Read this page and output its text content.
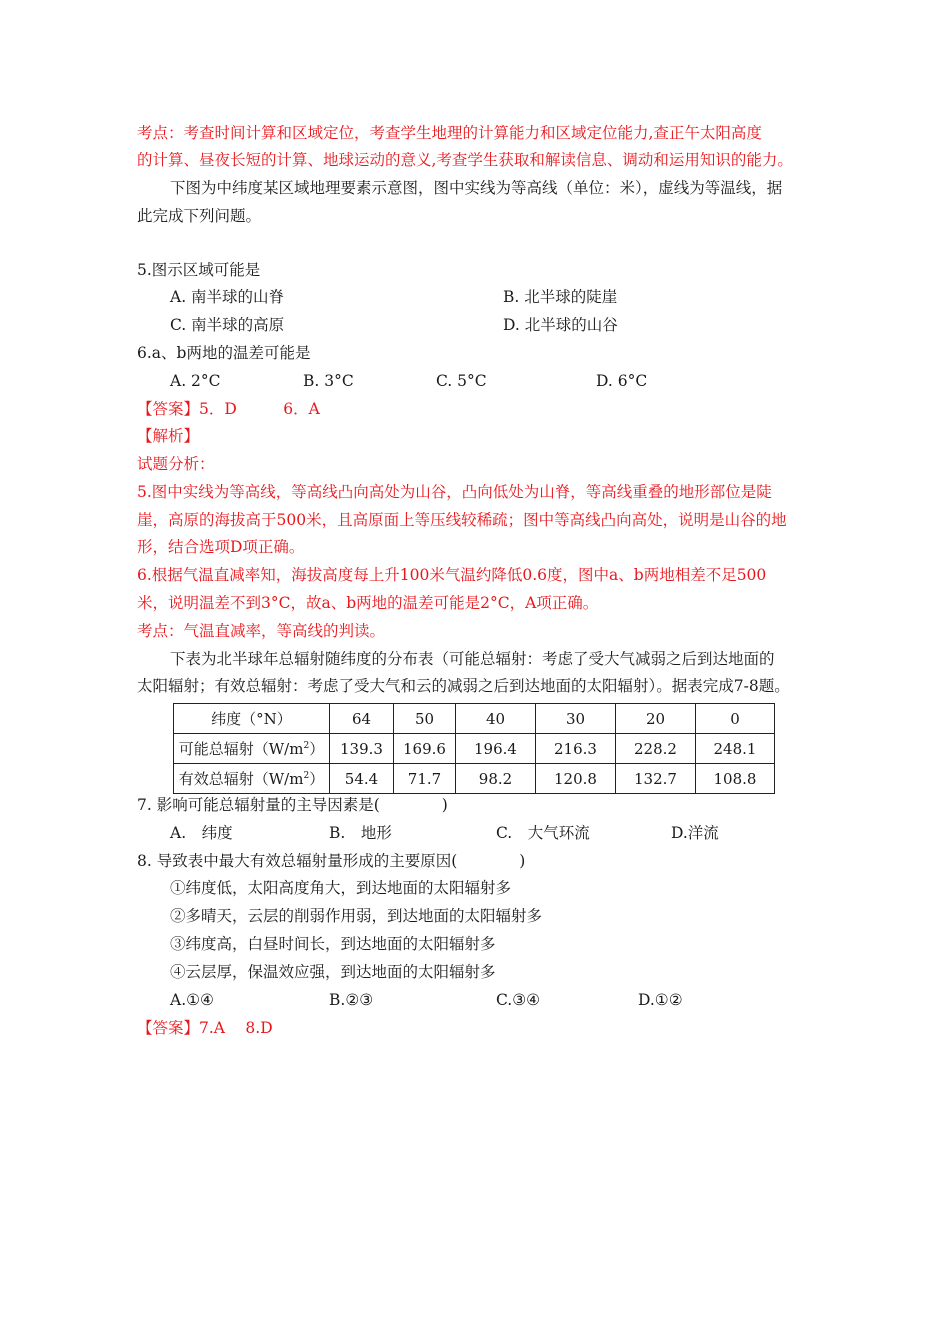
考点：考查时间计算和区域定位，考查学生地理的计算能力和区域定位能力,查正午太阳高度
的计算、昼夜长短的计算、地球运动的意义,考查学生获取和解读信息、调动和运用知识的能力。
下图为中纬度某区域地理要素示意图，图中实线为等高线（单位：米），虚线为等温线，据
此完成下列问题。
5.图示区域可能是
A. 南半球的山脊	B. 北半球的陡崖
C. 南半球的高原	D. 北半球的山谷
6.a、b两地的温差可能是
A. 2°C	B. 3°C	C. 5°C	D. 6°C
【答案】5．D　　　6．A
【解析】
试题分析：
5.图中实线为等高线，等高线凸向高处为山谷，凸向低处为山脊，等高线重叠的地形部位是陡
崖，高原的海拔高于500米，且高原面上等压线较稀疏；图中等高线凸向高处，说明是山谷的地
形，结合选项D项正确。
6.根据气温直减率知，海拔高度每上升100米气温约降低0.6度，图中a、b两地相差不足500
米，说明温差不到3°C，故a、b两地的温差可能是2°C，A项正确。
考点：气温直减率，等高线的判读。
下表为北半球年总辐射随纬度的分布表（可能总辐射：考虑了受大气减弱之后到达地面的
太阳辐射；有效总辐射：考虑了受大气和云的减弱之后到达地面的太阳辐射）。据表完成7-8题。
纬度（°N）	64	50	40	30	20	0
可能总辐射$(W/m^2)$	139.3	169.6	196.4	216.3	228.2	248.1
有效总辐射$(W/m^2)$	54.4	71.7	98.2	120.8	132.7	108.8
7. 影响可能总辐射量的主导因素是(　　　　)
A.　纬度	B.　地形	C.　大气环流	D.洋流
8. 导致表中最大有效总辐射量形成的主要原因(　　　　)
①纬度低，太阳高度角大，到达地面的太阳辐射多
②多晴天，云层的削弱作用弱，到达地面的太阳辐射多
③纬度高，白昼时间长，到达地面的太阳辐射多
④云层厚，保温效应强，到达地面的太阳辐射多
A.①④	B.②③	C.③④	D.①②
【答案】7.A　 8.D
